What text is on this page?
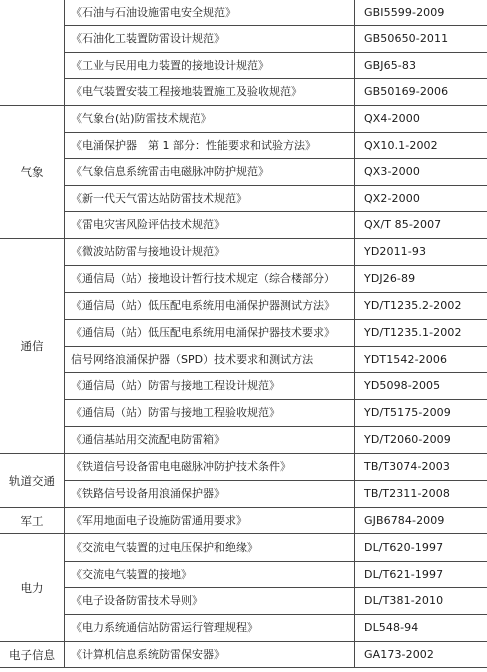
	《石油与石油设施雷电安全规范》	GBI5599-2009
	《石油化工装置防雷设计规范》	GB50650-2011
	《工业与民用电力装置的接地设计规范》	GBJ65-83
	《电气装置安装工程接地装置施工及验收规范》	GB50169-2006
气象	《气象台(站)防雷技术规范》	QX4-2000
	《电涌保护器　第 1 部分：性能要求和试验方法》	QX10.1-2002
	《气象信息系统雷击电磁脉冲防护规范》	QX3-2000
	《新一代天气雷达站防雷技术规范》	QX2-2000
	《雷电灾害风险评估技术规范》	QX/T 85-2007
通信	《微波站防雷与接地设计规范》	YD2011-93
	《通信局（站）接地设计暂行技术规定（综合楼部分）	YDJ26-89
	《通信局（站）低压配电系统用电涌保护器测试方法》	YD/T1235.2-2002
	《通信局（站）低压配电系统用电涌保护器技术要求》	YD/T1235.1-2002
	信号网络浪涌保护器（SPD）技术要求和测试方法	YDT1542-2006
	《通信局（站）防雷与接地工程设计规范》	YD5098-2005
	《通信局（站）防雷与接地工程验收规范》	YD/T5175-2009
	《通信基站用交流配电防雷箱》	YD/T2060-2009
轨道交通	《铁道信号设备雷电电磁脉冲防护技术条件》	TB/T3074-2003
	《铁路信号设备用浪涌保护器》	TB/T2311-2008
军工	《军用地面电子设施防雷通用要求》	GJB6784-2009
电力	《交流电气装置的过电压保护和绝缘》	DL/T620-1997
	《交流电气装置的接地》	DL/T621-1997
	《电子设备防雷技术导则》	DL/T381-2010
	《电力系统通信站防雷运行管理规程》	DL548-94
电子信息	《计算机信息系统防雷保安器》	GA173-2002
